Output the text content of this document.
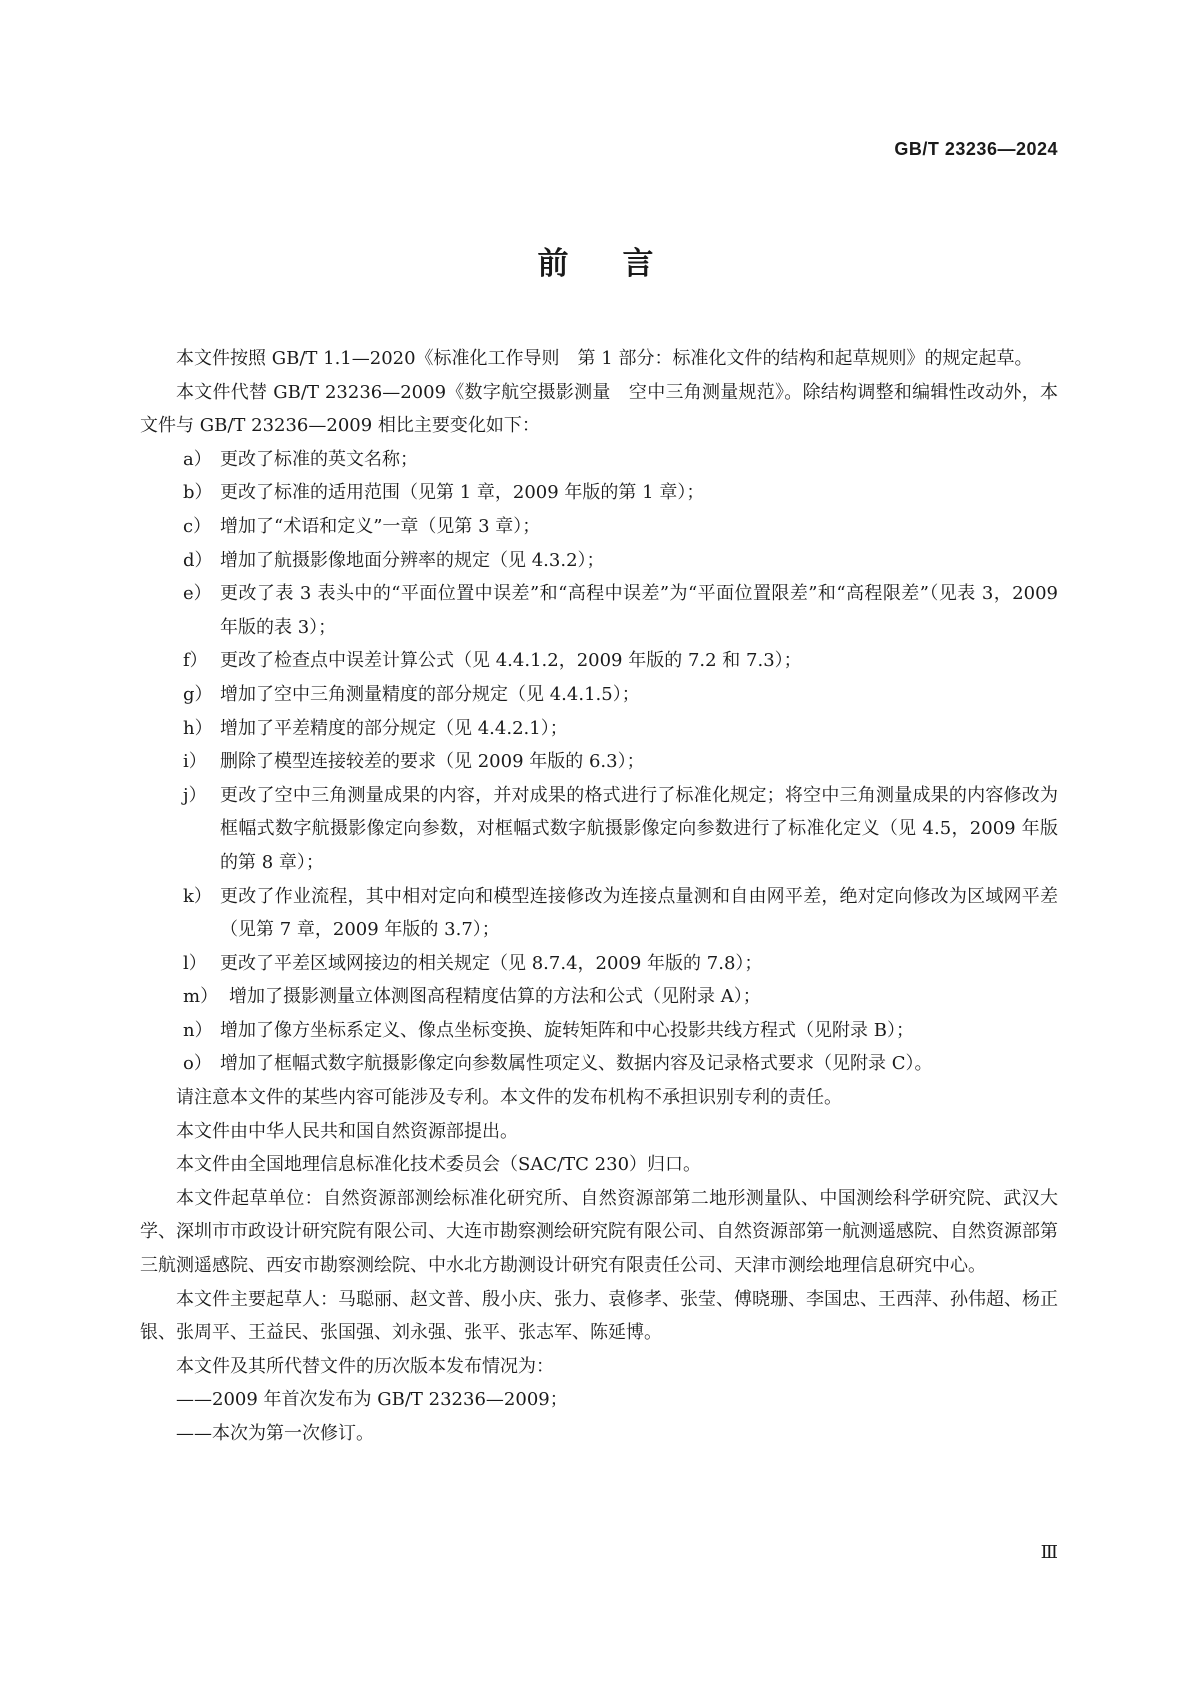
GB/T 23236—2024
前言

本文件按照 GB/T 1.1—2020《标准化工作导则　第 1 部分：标准化文件的结构和起草规则》的规定起草。

本文件代替 GB/T 23236—2009《数字航空摄影测量　空中三角测量规范》。除结构调整和编辑性改动外，本文件与 GB/T 23236—2009 相比主要变化如下：

a） 更改了标准的英文名称；
b） 更改了标准的适用范围（见第 1 章，2009 年版的第 1 章）；
c） 增加了“术语和定义”一章（见第 3 章）；
d） 增加了航摄影像地面分辨率的规定（见 4.3.2）；
e） 更改了表 3 表头中的“平面位置中误差”和“高程中误差”为“平面位置限差”和“高程限差”（见表 3，2009 年版的表 3）；
f） 更改了检查点中误差计算公式（见 4.4.1.2，2009 年版的 7.2 和 7.3）；
g） 增加了空中三角测量精度的部分规定（见 4.4.1.5）；
h） 增加了平差精度的部分规定（见 4.4.2.1）；
i） 删除了模型连接较差的要求（见 2009 年版的 6.3）；
j） 更改了空中三角测量成果的内容，并对成果的格式进行了标准化规定；将空中三角测量成果的内容修改为框幅式数字航摄影像定向参数，对框幅式数字航摄影像定向参数进行了标准化定义（见 4.5，2009 年版的第 8 章）；
k） 更改了作业流程，其中相对定向和模型连接修改为连接点量测和自由网平差，绝对定向修改为区域网平差（见第 7 章，2009 年版的 3.7）；
l） 更改了平差区域网接边的相关规定（见 8.7.4，2009 年版的 7.8）；
m） 增加了摄影测量立体测图高程精度估算的方法和公式（见附录 A）；
n） 增加了像方坐标系定义、像点坐标变换、旋转矩阵和中心投影共线方程式（见附录 B）；
o） 增加了框幅式数字航摄影像定向参数属性项定义、数据内容及记录格式要求（见附录 C）。

请注意本文件的某些内容可能涉及专利。本文件的发布机构不承担识别专利的责任。

本文件由中华人民共和国自然资源部提出。

本文件由全国地理信息标准化技术委员会（SAC/TC 230）归口。

本文件起草单位：自然资源部测绘标准化研究所、自然资源部第二地形测量队、中国测绘科学研究院、武汉大学、深圳市市政设计研究院有限公司、大连市勘察测绘研究院有限公司、自然资源部第一航测遥感院、自然资源部第三航测遥感院、西安市勘察测绘院、中水北方勘测设计研究有限责任公司、天津市测绘地理信息研究中心。

本文件主要起草人：马聪丽、赵文普、殷小庆、张力、袁修孝、张莹、傅晓珊、李国忠、王西萍、孙伟超、杨正银、张周平、王益民、张国强、刘永强、张平、张志军、陈延博。

本文件及其所代替文件的历次版本发布情况为：

——2009 年首次发布为 GB/T 23236—2009；

——本次为第一次修订。

Ⅲ
